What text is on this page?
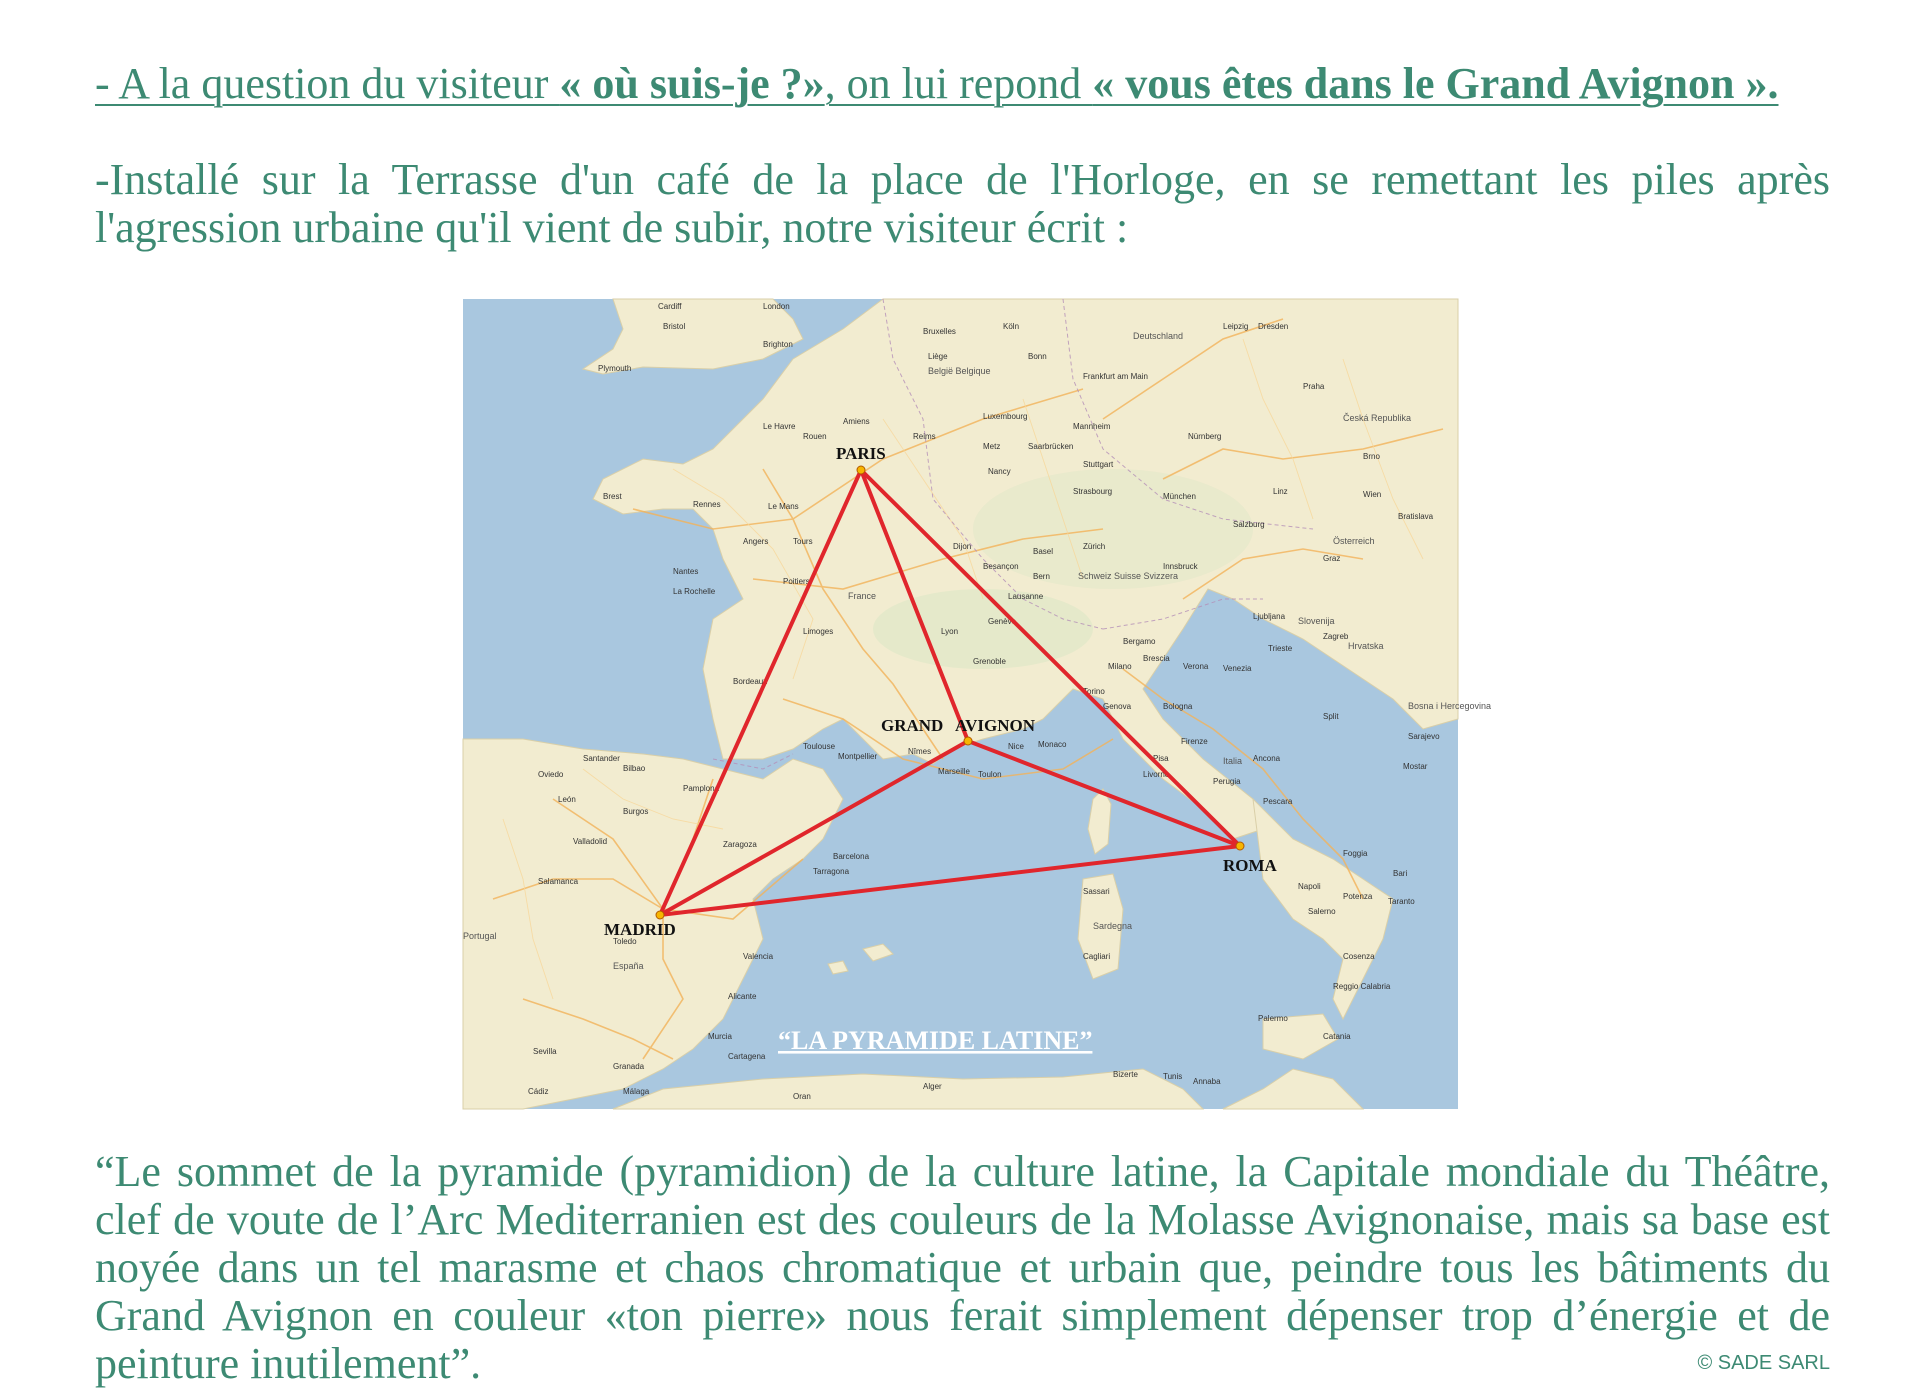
- A la question du visiteur « où suis-je ?», on lui repond « vous êtes dans le Grand Avignon ».
-Installé sur la Terrasse d'un café de la place de l'Horloge, en se remettant les piles après l'agression urbaine qu'il vient de subir, notre visiteur écrit :
London
Cardiff
Bristol
Brighton
Plymouth
Le Havre
Rouen
Amiens
Reims
Brest
Rennes	Le Mans
Tours
Nantes
Angers
Poitiers
La Rochelle
Limoges
Bordeaux
Toulouse
Montpellier
Nîmes
Marseille Toulon
Nice Monaco
Lyon
Grenoble
Genève
Lausanne
Bern
Zürich
Basel
Strasbourg
Dijon
Besançon
Milano
Torino
Genova	Bologna
Firenze
Pisa
Livorno
Venezia
Trieste
Verona
Bergamo
Brescia
Napoli
Bari
Taranto
Palermo
Catania
Sassari
Cagliari
Barcelona
Tarragona
Zaragoza
Pamplona
Valencia
Alicante
Murcia
Cartagena
Granada
Sevilla
Málaga
Cádiz
Toledo
Salamanca
Valladolid
Burgos
Bilbao
Santander
Oviedo
León
Köln
Bonn
Frankfurt am Main
Stuttgart
München
Nürnberg
Dresden
Leipzig
Praha
Wien
Graz
Ljubljana
Zagreb
Bruxelles
Liège
Luxembourg
Metz
Nancy
Mannheim
Saarbrücken
Innsbruck
Salzburg
Linz
Brno
Bratislava
Split
Mostar
Sarajevo
Ancona
Perugia
Pescara
Foggia
Potenza
Salerno
Cosenza
Reggio Calabria
Annaba
Tunis
Bizerte
Alger
Oran
France
España
Italia
Deutschland
Schweiz Suisse Svizzera
België Belgique
Česká Republika
Österreich
Slovenija
Hrvatska
Bosna i Hercegovina
Portugal
Sardegna
PARIS
GRAND AVIGNON
MADRID
ROMA
“LA PYRAMIDE LATINE”
“Le sommet de la pyramide (pyramidion) de la culture latine, la Capitale mondiale du Théâtre, clef de voute de l’Arc Mediterranien est des couleurs de la Molasse Avignonaise, mais sa base est noyée dans un tel marasme et chaos chromatique et urbain que, peindre tous les bâtiments du Grand Avignon en couleur «ton pierre» nous ferait simplement dépenser trop d’énergie et de peinture inutilement”.	© SADE SARL
